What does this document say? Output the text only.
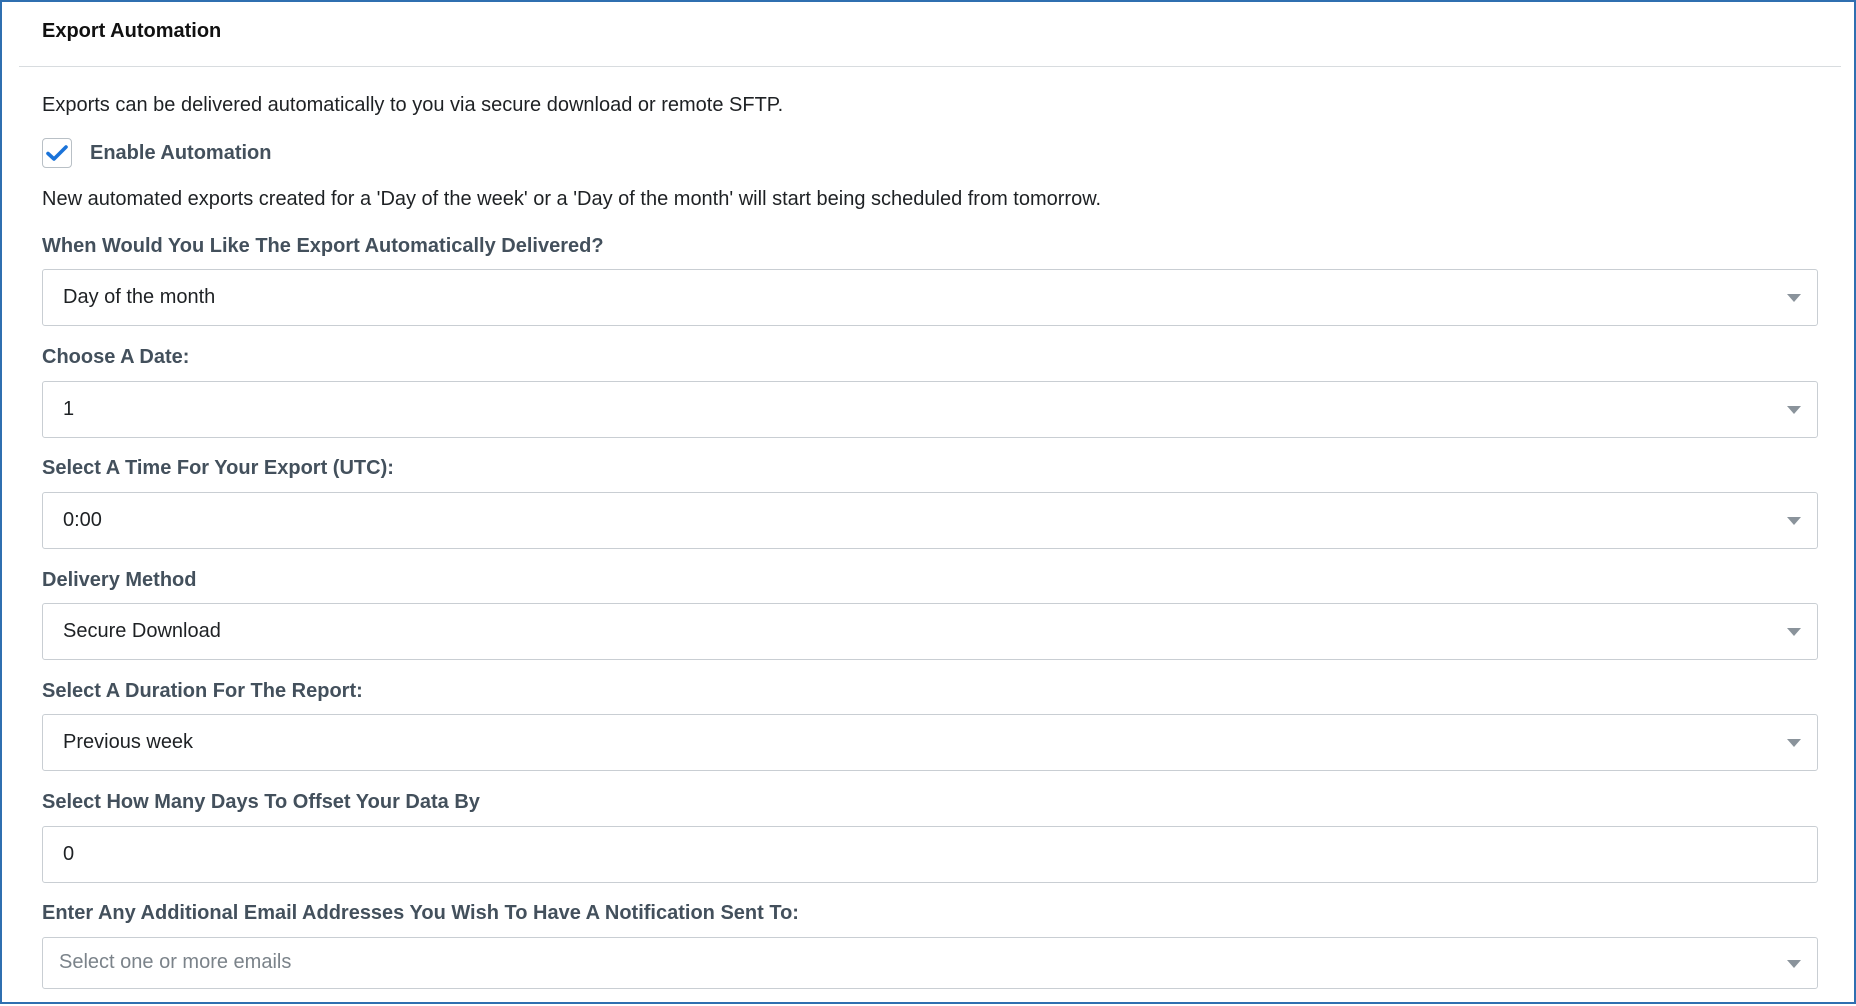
Export Automation
Exports can be delivered automatically to you via secure download or remote SFTP.
Enable Automation
New automated exports created for a 'Day of the week' or a 'Day of the month' will start being scheduled from tomorrow.
When Would You Like The Export Automatically Delivered?
Day of the month
Choose A Date:
1
Select A Time For Your Export (UTC):
0:00
Delivery Method
Secure Download
Select A Duration For The Report:
Previous week
Select How Many Days To Offset Your Data By
0
Enter Any Additional Email Addresses You Wish To Have A Notification Sent To:
Select one or more emails
